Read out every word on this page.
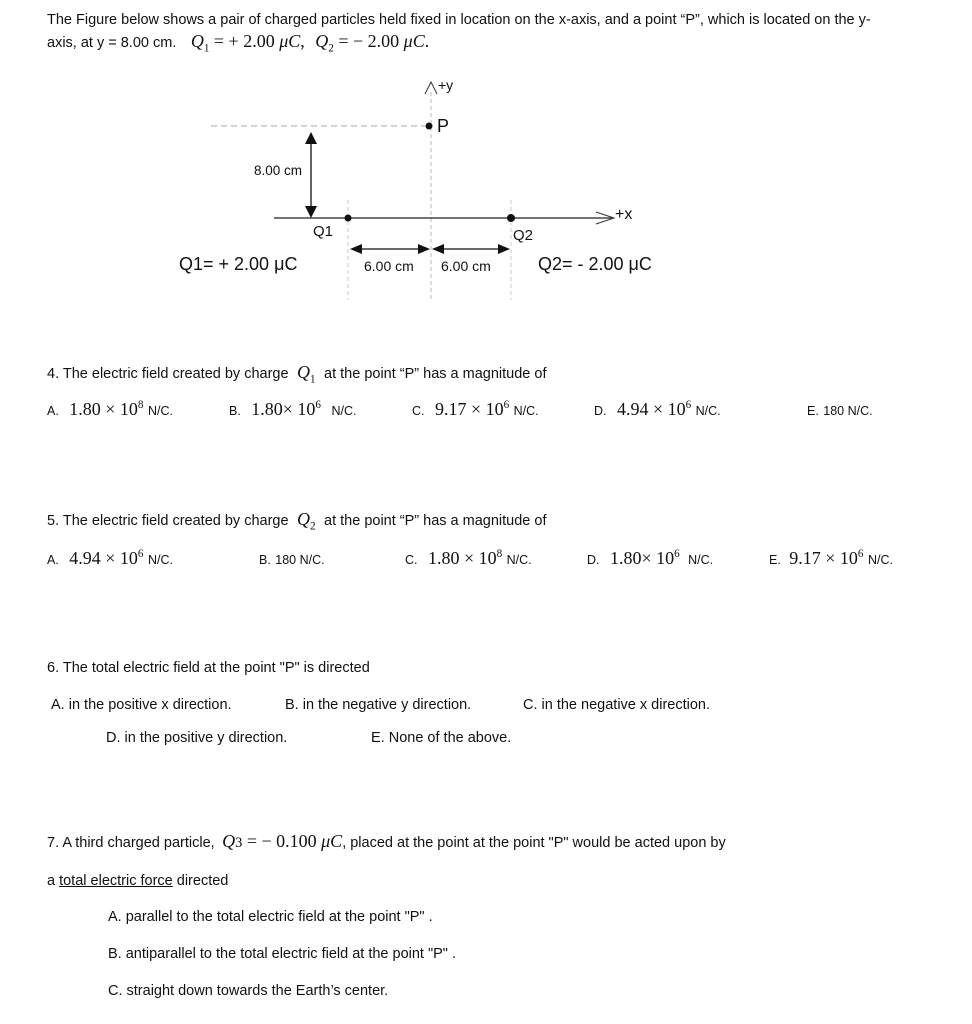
The Figure below shows a pair of charged particles held fixed in location on the x-axis, and a point “P”, which is located on the y-
axis, at y = 8.00 cm. $Q_1$ = + 2.00 μC, $Q_2$ = − 2.00 μC.
+y
P
8.00 cm
+x
Q1	Q2
Q1= + 2.00 μC	Q2= - 2.00 μC
6.00 cm 6.00 cm
4. The electric field created by charge $Q_1$ at the point “P” has a magnitude of
A. $1.80 \times 10^8$ N/C.	B. $1.80\times 10^6$ N/C.	C. $9.17 \times 10^6$ N/C.	D. $4.94 \times 10^6$ N/C.	E. 180 N/C.
5. The electric field created by charge $Q_2$ at the point “P” has a magnitude of
A. $4.94 \times 10^6$ N/C.	B. 180 N/C.	C. $1.80 \times 10^8$ N/C.	D. $1.80\times 10^6$ N/C.	E. $9.17 \times 10^6$ N/C.
6. The total electric field at the point "P" is directed
A. in the positive x direction.	B. in the negative y direction.	C. in the negative x direction.
D. in the positive y direction.	E. None of the above.
7. A third charged particle, Q3 = − 0.100 μC, placed at the point at the point "P" would be acted upon by
a total electric force directed
A. parallel to the total electric field at the point "P" .
B. antiparallel to the total electric field at the point "P" .
C. straight down towards the Earth’s center.
